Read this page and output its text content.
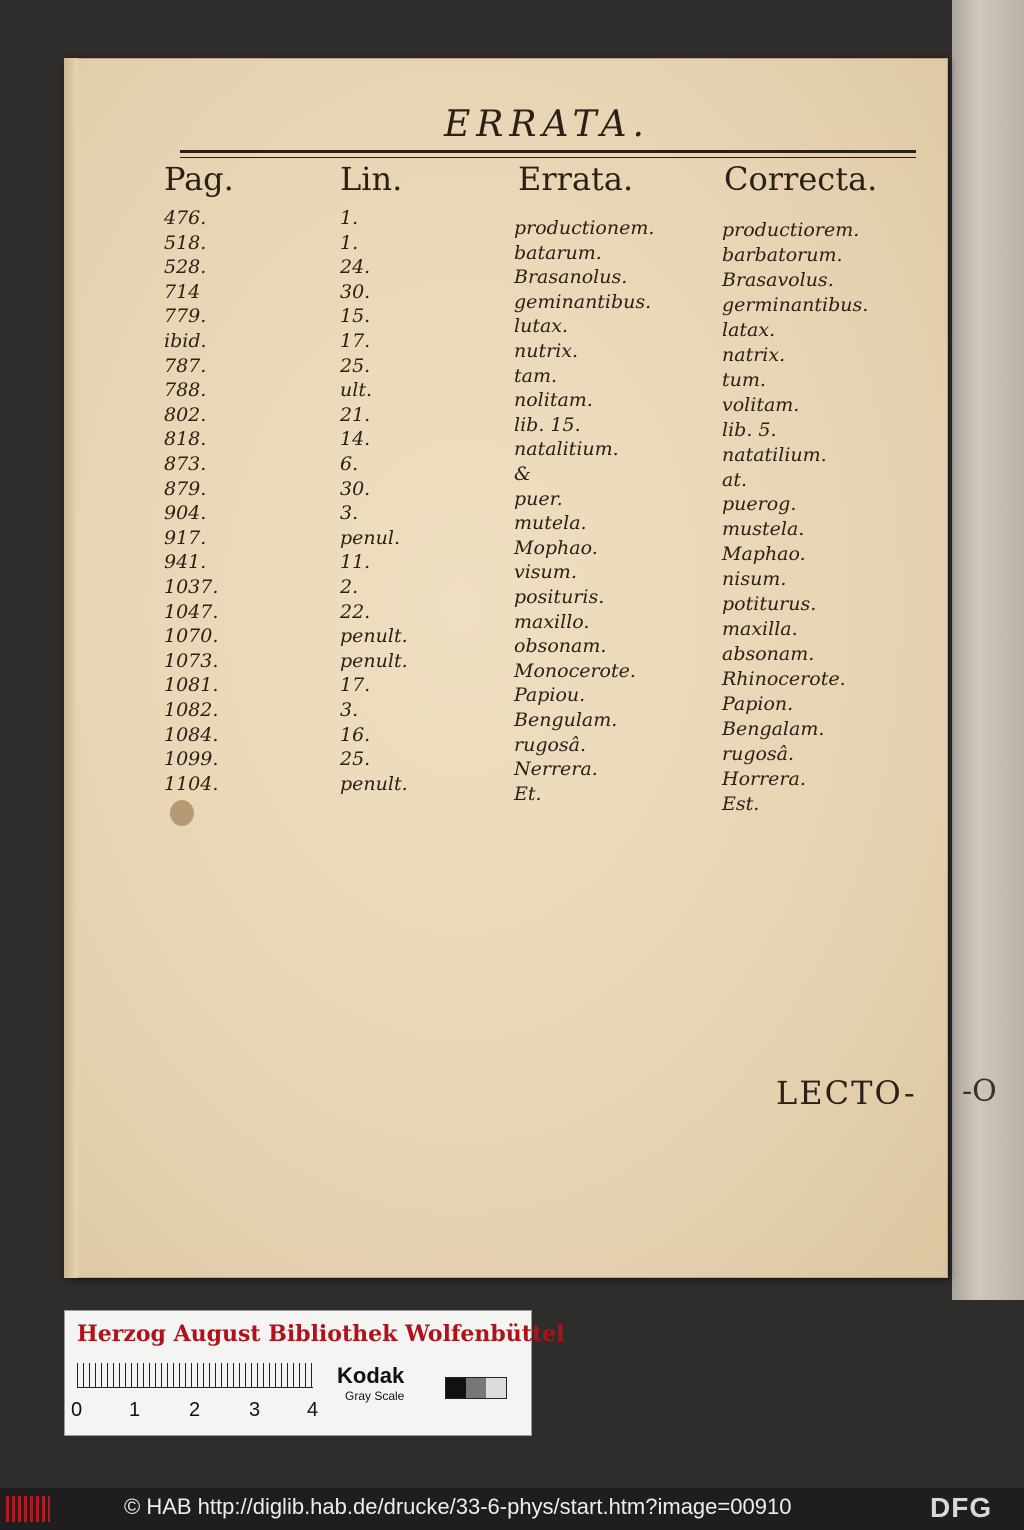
ERRATA.
Pag.	Lin.	Errata.	Correcta.
476.	1.	productionem.	productiorem.
518.	1.	batarum.	barbatorum.
528.	24.	Brasanolus.	Brasavolus.
714	30.	geminantibus.	germinantibus.
779.	15.	lutax.	latax.
ibid.	17.	nutrix.	natrix.
787.	25.	tam.	tum.
788.	ult.	nolitam.	volitam.
802.	21.	lib. 15.	lib. 5.
818.	14.	natalitium.	natatilium.
873.	6.	&	at.
879.	30.	puer.	puerog.
904.	3.	mutela.	mustela.
917.	penul.	Mophao.	Maphao.
941.	11.	visum.	nisum.
1037.	2.	posituris.	potiturus.
1047.	22.	maxillo.	maxilla.
1070.	penult.	obsonam.	absonam.
1073.	penult.	Monocerote.	Rhinocerote.
1081.	17.	Papiou.	Papion.
1082.	3.	Bengulam.	Bengalam.
1084.	16.	rugosâ.	rugosâ.
1099.	25.	Nerrera.	Horrera.
1104.	penult.	Et.	Est.
LECTO- -O
Herzog August Bibliothek Wolfenbüttel
0 1 2 3 4
Kodak
Gray Scale
© HAB http://diglib.hab.de/drucke/33-6-phys/start.htm?image=00910	DFG
